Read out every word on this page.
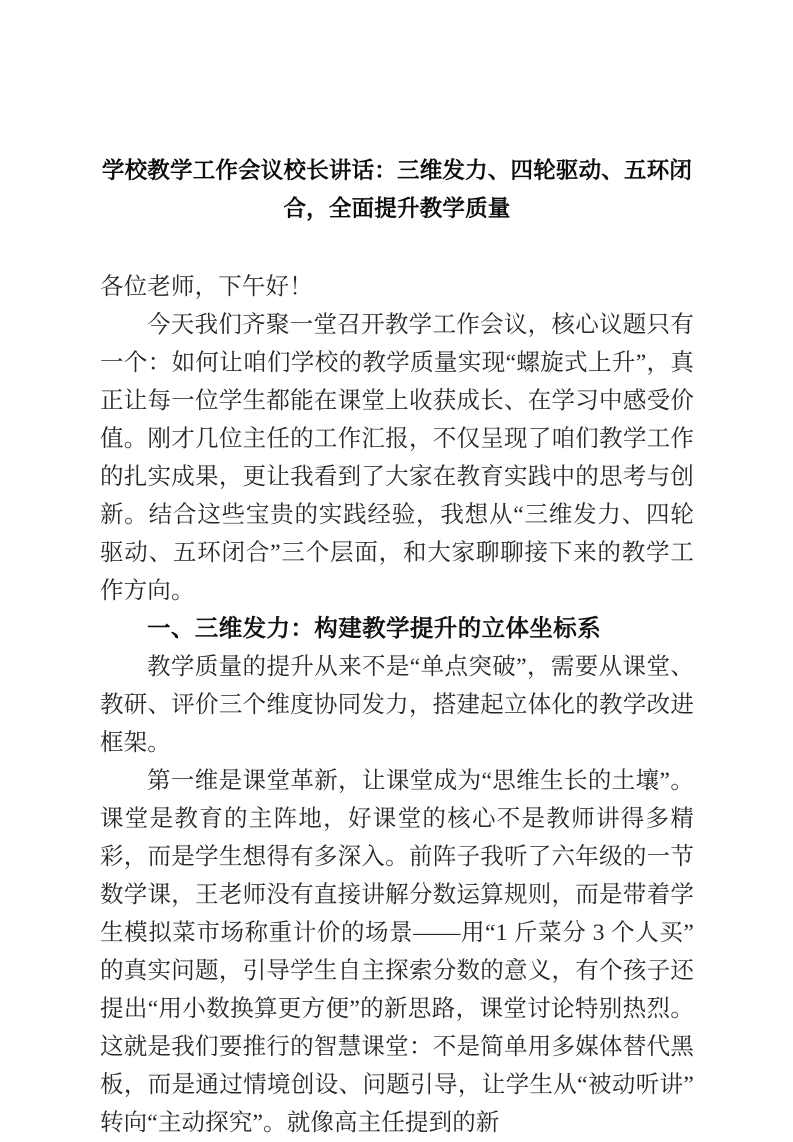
学校教学工作会议校长讲话：三维发力、四轮驱动、五环闭合，全面提升教学质量

各位老师，下午好！

今天我们齐聚一堂召开教学工作会议，核心议题只有一个：如何让咱们学校的教学质量实现“螺旋式上升”，真正让每一位学生都能在课堂上收获成长、在学习中感受价值。刚才几位主任的工作汇报，不仅呈现了咱们教学工作的扎实成果，更让我看到了大家在教育实践中的思考与创新。结合这些宝贵的实践经验，我想从“三维发力、四轮驱动、五环闭合”三个层面，和大家聊聊接下来的教学工作方向。

一、三维发力：构建教学提升的立体坐标系

教学质量的提升从来不是“单点突破”，需要从课堂、教研、评价三个维度协同发力，搭建起立体化的教学改进框架。

第一维是课堂革新，让课堂成为“思维生长的土壤”。课堂是教育的主阵地，好课堂的核心不是教师讲得多精彩，而是学生想得有多深入。前阵子我听了六年级的一节数学课，王老师没有直接讲解分数运算规则，而是带着学生模拟菜市场称重计价的场景——用“1 斤菜分 3 个人买”的真实问题，引导学生自主探索分数的意义，有个孩子还提出“用小数换算更方便”的新思路，课堂讨论特别热烈。这就是我们要推行的智慧课堂：不是简单用多媒体替代黑板，而是通过情境创设、问题引导，让学生从“被动听讲”转向“主动探究”。就像高主任提到的新
